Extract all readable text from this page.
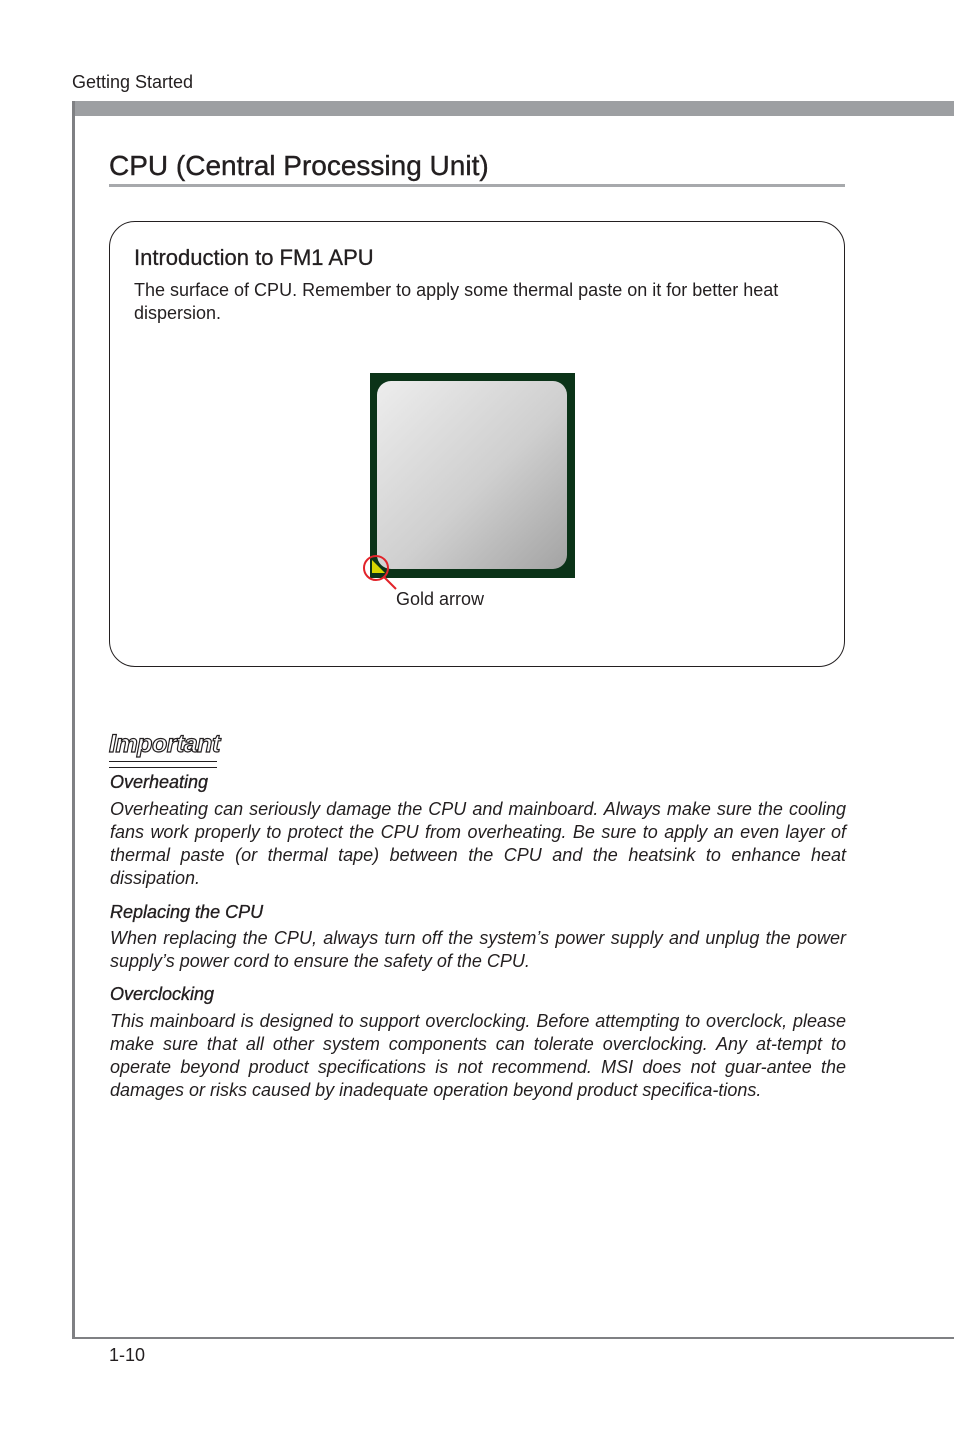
Getting Started
CPU (Central Processing Unit)
Introduction to FM1 APU

The surface of CPU. Remember to apply some thermal paste on it for better heat dispersion.

Gold arrow
Important
Overheating

Overheating can seriously damage the CPU and mainboard. Always make sure the cooling fans work properly to protect the CPU from overheating. Be sure to apply an even layer of thermal paste (or thermal tape) between the CPU and the heatsink to enhance heat dissipation.

Replacing the CPU

When replacing the CPU, always turn off the system’s power supply and unplug the power supply’s power cord to ensure the safety of the CPU.

Overclocking

This mainboard is designed to support overclocking. Before attempting to overclock, please make sure that all other system components can tolerate overclocking. Any at-tempt to operate beyond product specifications is not recommend. MSI does not guar-antee the damages or risks caused by inadequate operation beyond product specifica-tions.

1-10
